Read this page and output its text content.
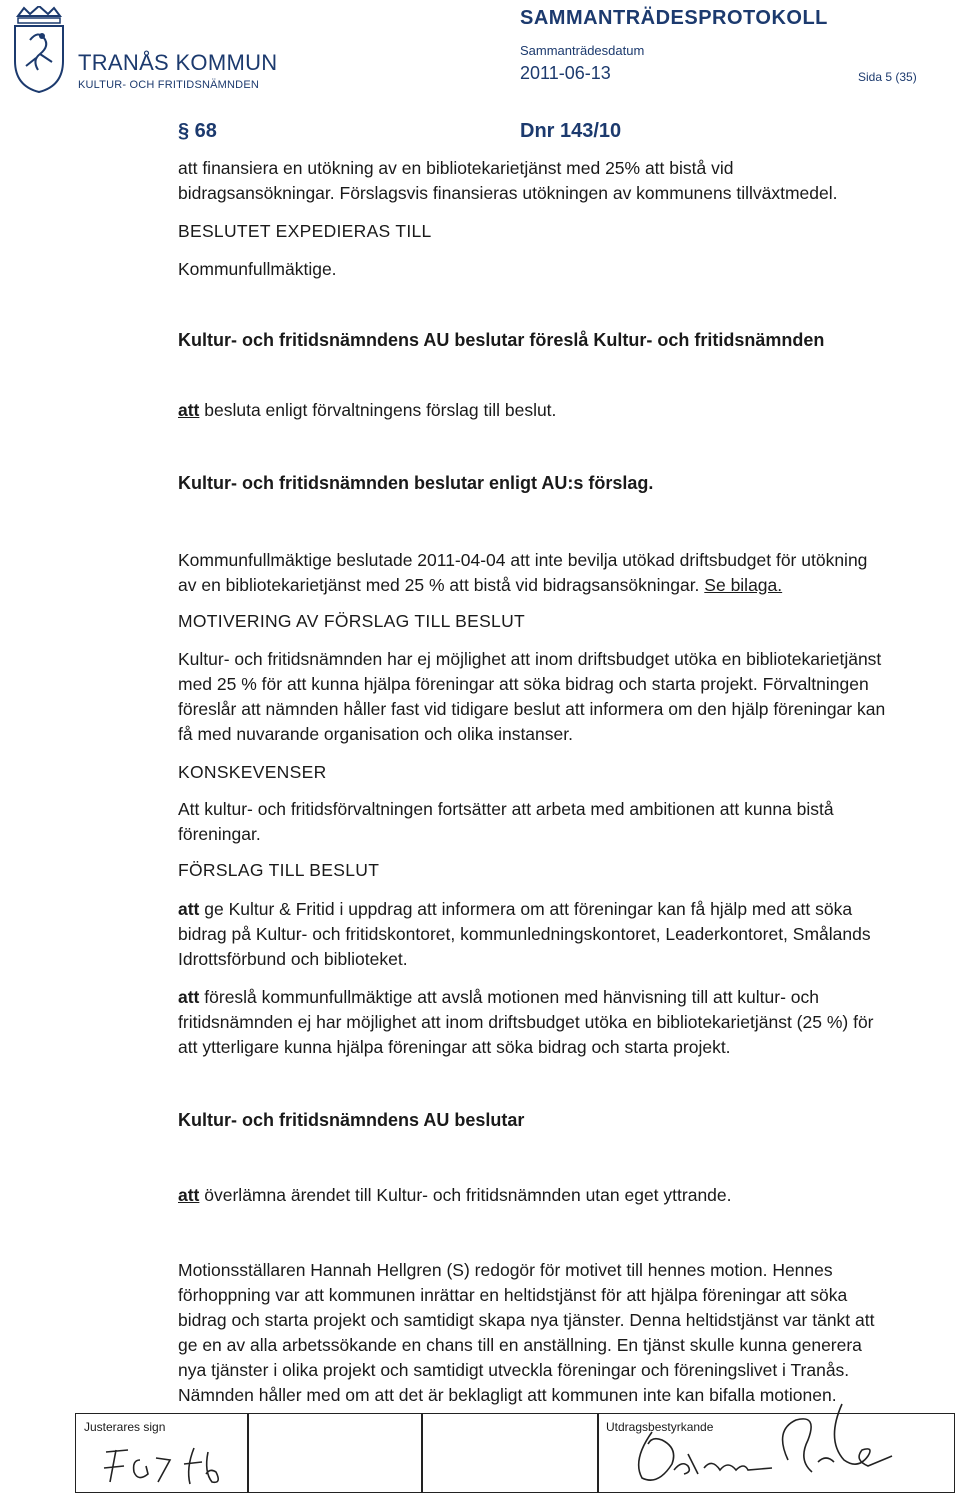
TRANÅS KOMMUN
KULTUR- OCH FRITIDSNÄMNDEN
SAMMANTRÄDESPROTOKOLL
Sammanträdesdatum
2011-06-13	Sida 5 (35)
§ 68	Dnr 143/10
att finansiera en utökning av en bibliotekarietjänst med 25% att bistå vid
bidragsansökningar. Förslagsvis finansieras utökningen av kommunens tillväxtmedel.
BESLUTET EXPEDIERAS TILL
Kommunfullmäktige.
Kultur- och fritidsnämndens AU beslutar föreslå Kultur- och fritidsnämnden
att besluta enligt förvaltningens förslag till beslut.
Kultur- och fritidsnämnden beslutar enligt AU:s förslag.
Kommunfullmäktige beslutade 2011-04-04 att inte bevilja utökad driftsbudget för utökning
av en bibliotekarietjänst med 25 % att bistå vid bidragsansökningar. Se bilaga.
MOTIVERING AV FÖRSLAG TILL BESLUT
Kultur- och fritidsnämnden har ej möjlighet att inom driftsbudget utöka en bibliotekarietjänst
med 25 % för att kunna hjälpa föreningar att söka bidrag och starta projekt. Förvaltningen
föreslår att nämnden håller fast vid tidigare beslut att informera om den hjälp föreningar kan
få med nuvarande organisation och olika instanser.
KONSKEVENSER
Att kultur- och fritidsförvaltningen fortsätter att arbeta med ambitionen att kunna bistå
föreningar.
FÖRSLAG TILL BESLUT
att ge Kultur & Fritid i uppdrag att informera om att föreningar kan få hjälp med att söka
bidrag på Kultur- och fritidskontoret, kommunledningskontoret, Leaderkontoret, Smålands
Idrottsförbund och biblioteket.
att föreslå kommunfullmäktige att avslå motionen med hänvisning till att kultur- och
fritidsnämnden ej har möjlighet att inom driftsbudget utöka en bibliotekarietjänst (25 %) för
att ytterligare kunna hjälpa föreningar att söka bidrag och starta projekt.
Kultur- och fritidsnämndens AU beslutar
att överlämna ärendet till Kultur- och fritidsnämnden utan eget yttrande.
Motionsställaren Hannah Hellgren (S) redogör för motivet till hennes motion. Hennes
förhoppning var att kommunen inrättar en heltidstjänst för att hjälpa föreningar att söka
bidrag och starta projekt och samtidigt skapa nya tjänster. Denna heltidstjänst var tänkt att
ge en av alla arbetssökande en chans till en anställning. En tjänst skulle kunna generera
nya tjänster i olika projekt och samtidigt utveckla föreningar och föreningslivet i Tranås.
Nämnden håller med om att det är beklagligt att kommunen inte kan bifalla motionen.
Justerares sign	Utdragsbestyrkande
